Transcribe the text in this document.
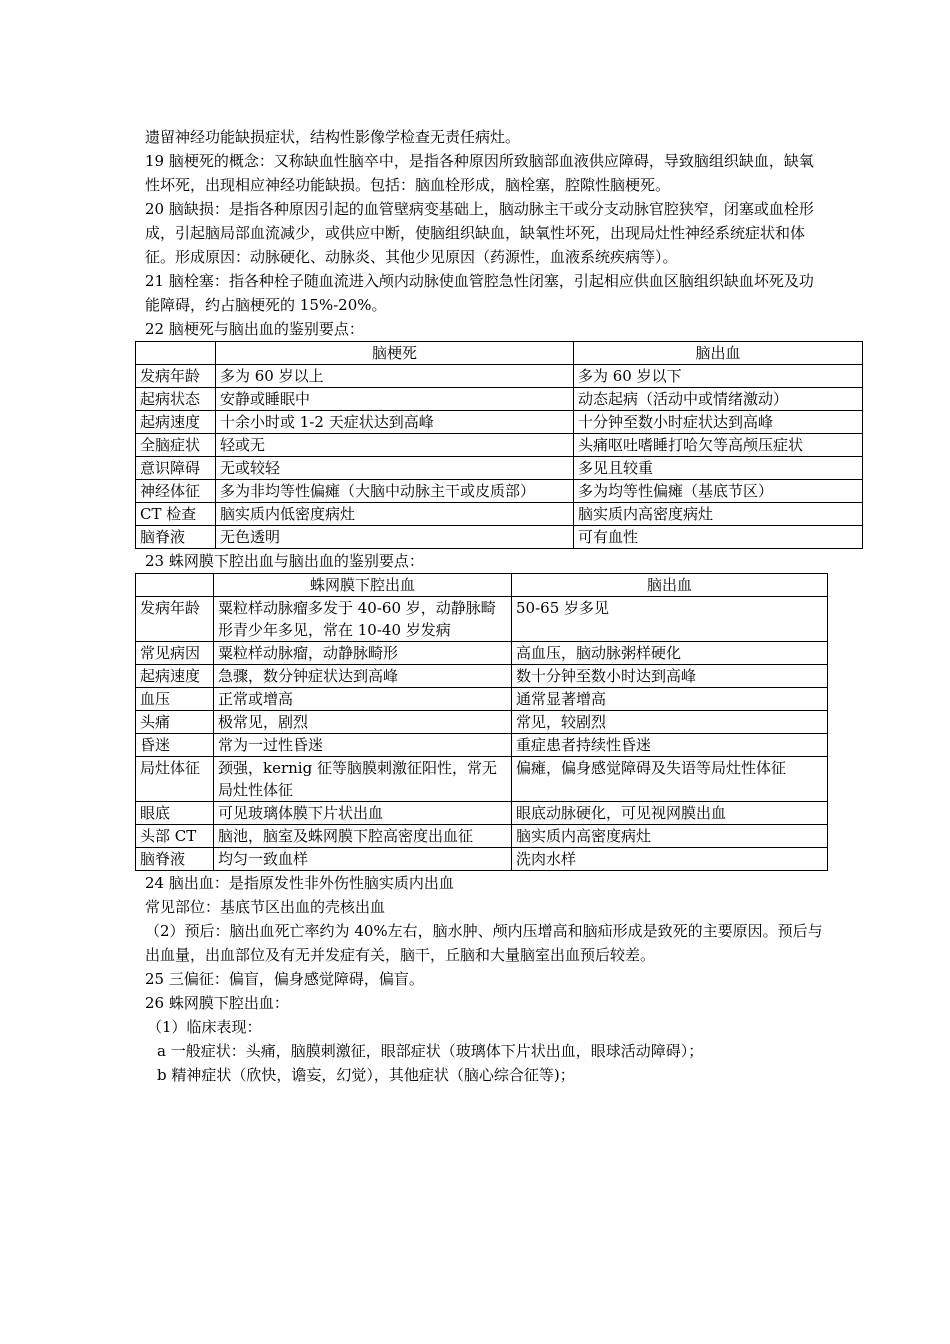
遗留神经功能缺损症状，结构性影像学检查无责任病灶。

19 脑梗死的概念：又称缺血性脑卒中，是指各种原因所致脑部血液供应障碍，导致脑组织缺血，缺氧性坏死，出现相应神经功能缺损。包括：脑血栓形成，脑栓塞，腔隙性脑梗死。

20 脑缺损：是指各种原因引起的血管壁病变基础上，脑动脉主干或分支动脉官腔狭窄，闭塞或血栓形成，引起脑局部血流减少，或供应中断，使脑组织缺血，缺氧性坏死，出现局灶性神经系统症状和体征。形成原因：动脉硬化、动脉炎、其他少见原因（药源性，血液系统疾病等）。

21 脑栓塞：指各种栓子随血流进入颅内动脉使血管腔急性闭塞，引起相应供血区脑组织缺血坏死及功能障碍，约占脑梗死的 15%-20%。

22 脑梗死与脑出血的鉴别要点：

	脑梗死	脑出血
发病年龄	多为 60 岁以上	多为 60 岁以下
起病状态	安静或睡眠中	动态起病（活动中或情绪激动）
起病速度	十余小时或 1-2 天症状达到高峰	十分钟至数小时症状达到高峰
全脑症状	轻或无	头痛呕吐嗜睡打哈欠等高颅压症状
意识障碍	无或较轻	多见且较重
神经体征	多为非均等性偏瘫（大脑中动脉主干或皮质部）	多为均等性偏瘫（基底节区）
CT 检查	脑实质内低密度病灶	脑实质内高密度病灶
脑脊液	无色透明	可有血性

23 蛛网膜下腔出血与脑出血的鉴别要点：

	蛛网膜下腔出血	脑出血
发病年龄	粟粒样动脉瘤多发于 40-60 岁，动静脉畸形青少年多见，常在 10-40 岁发病	50-65 岁多见
常见病因	粟粒样动脉瘤，动静脉畸形	高血压，脑动脉粥样硬化
起病速度	急骤，数分钟症状达到高峰	数十分钟至数小时达到高峰
血压	正常或增高	通常显著增高
头痛	极常见，剧烈	常见，较剧烈
昏迷	常为一过性昏迷	重症患者持续性昏迷
局灶体征	颈强，kernig 征等脑膜刺激征阳性，常无局灶性体征	偏瘫，偏身感觉障碍及失语等局灶性体征
眼底	可见玻璃体膜下片状出血	眼底动脉硬化，可见视网膜出血
头部 CT	脑池，脑室及蛛网膜下腔高密度出血征	脑实质内高密度病灶
脑脊液	均匀一致血样	洗肉水样

24 脑出血：是指原发性非外伤性脑实质内出血

常见部位：基底节区出血的壳核出血

（2）预后：脑出血死亡率约为 40%左右，脑水肿、颅内压增高和脑疝形成是致死的主要原因。预后与出血量，出血部位及有无并发症有关，脑干，丘脑和大量脑室出血预后较差。

25 三偏征：偏盲，偏身感觉障碍，偏盲。

26 蛛网膜下腔出血：

（1）临床表现：

a 一般症状：头痛，脑膜刺激征，眼部症状（玻璃体下片状出血，眼球活动障碍）；

b 精神症状（欣快，谵妄，幻觉），其他症状（脑心综合征等)；
